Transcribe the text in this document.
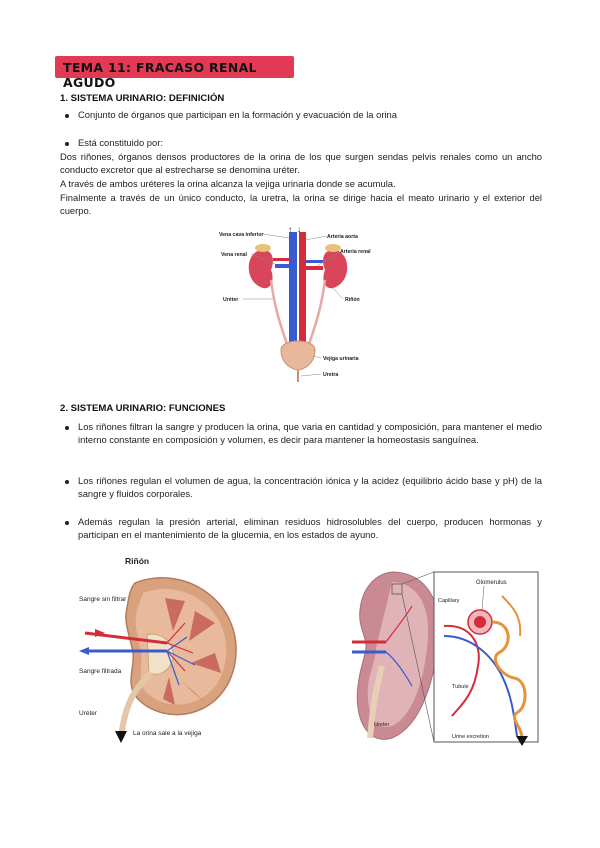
TEMA 11: FRACASO RENAL AGUDO
1. SISTEMA URINARIO: DEFINICIÓN
Conjunto de órganos que participan en la formación y evacuación de la orina
Está constituido por:
Dos riñones, órganos densos productores de la orina de los que surgen sendas pelvis renales como un ancho conducto excretor que al estrecharse se denomina uréter.
A través de ambos uréteres la orina alcanza la vejiga urinaria donde se acumula.
Finalmente a través de un único conducto, la uretra, la orina se dirige hacia el meato urinario y el exterior del cuerpo.
↑ ↓
Vena cava inferior	Arteria aorta
Vena renal	Arteria renal
Uréter	Riñón
Vejiga urinaria
Uretra
2. SISTEMA URINARIO: FUNCIONES
Los riñones filtran la sangre y producen la orina, que varia en cantidad y composición, para mantener el medio interno constante en composición y volumen, es decir para mantener la homeostasis sanguínea.
Los riñones regulan el volumen de agua, la concentración iónica y la acidez (equilibrio ácido base y pH) de la sangre y fluidos corporales.
Además regulan la presión arterial, eliminan residuos hidrosolubles del cuerpo, producen hormonas y participan en el mantenimiento de la glucemia, en los estados de ayuno.
Riñón
Sangre sin filtrar
Sangre filtrada
Uréter
La orina sale a la vejiga
Glomerulus
Capillary
Tubule
Ureter
Urine excretion
